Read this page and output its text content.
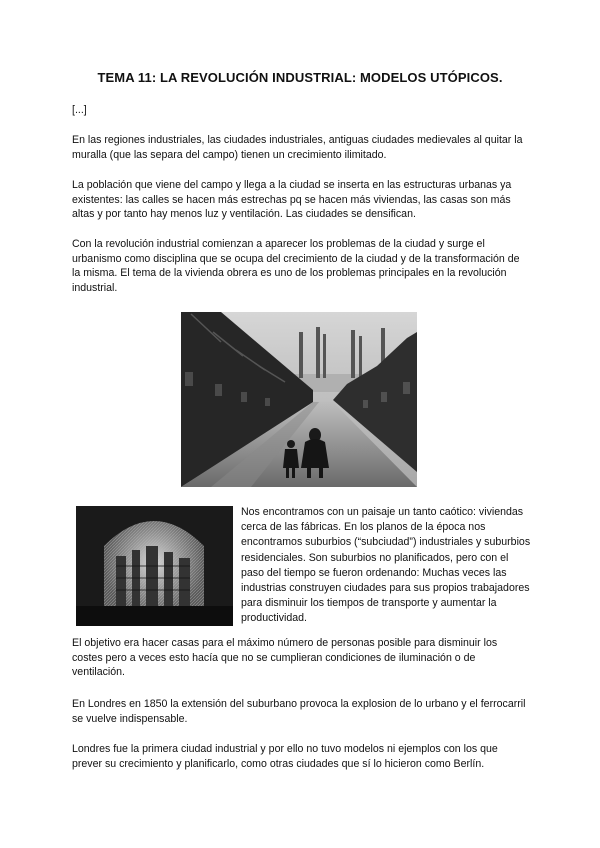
TEMA 11: LA REVOLUCIÓN INDUSTRIAL: MODELOS UTÓPICOS.

[...]

En las regiones industriales, las ciudades industriales, antiguas ciudades medievales al quitar la muralla (que las separa del campo) tienen un crecimiento ilimitado.

La población que viene del campo y llega a la ciudad se inserta en las estructuras urbanas ya existentes: las calles se hacen más estrechas pq se hacen más viviendas, las casas son más altas y por tanto hay menos luz y ventilación. Las ciudades se densifican.

Con la revolución industrial comienzan a aparecer los problemas de la ciudad y surge el urbanismo como disciplina que se ocupa del crecimiento de la ciudad y de la transformación de la misma. El tema de la vivienda obrera es uno de los problemas principales en la revolución industrial.

Nos encontramos con un paisaje un tanto caótico: viviendas cerca de las fábricas. En los planos de la época nos encontramos suburbios (“subciudad”) industriales y suburbios residenciales. Son suburbios no planificados, pero con el paso del tiempo se fueron ordenando: Muchas veces las industrias construyen ciudades para sus propios trabajadores para disminuir los tiempos de transporte y aumentar la productividad.

El objetivo era hacer casas para el máximo número de personas posible para disminuir los costes pero a veces esto hacía que no se cumplieran condiciones de iluminación o de ventilación.

En Londres en 1850 la extensión del suburbano provoca la explosion de lo urbano y el ferrocarril se vuelve indispensable.

Londres fue la primera ciudad industrial y por ello no tuvo modelos ni ejemplos con los que prever su crecimiento y planificarlo, como otras ciudades que sí lo hicieron como Berlín.
